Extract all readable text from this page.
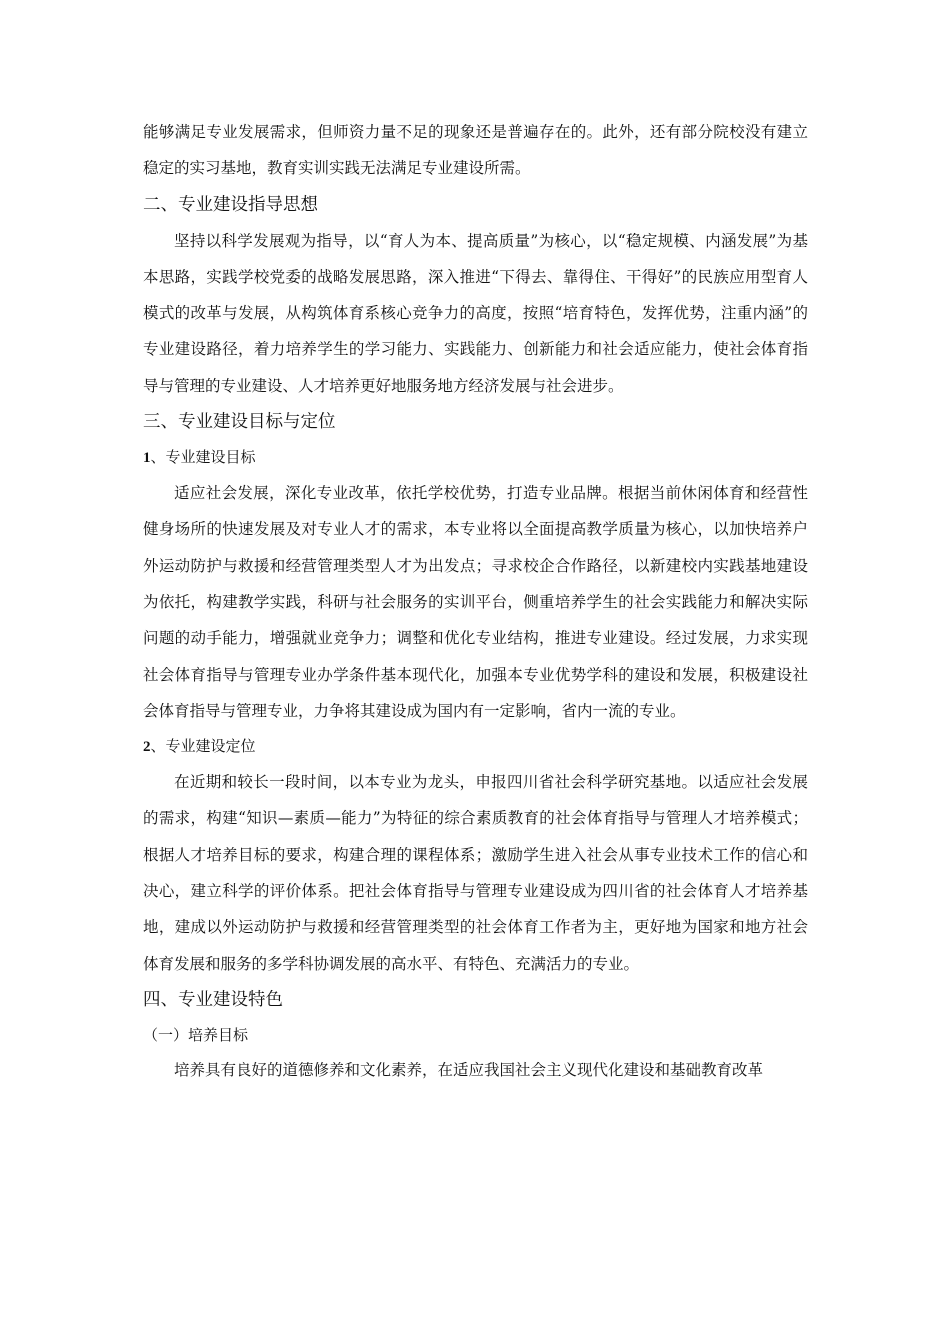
能够满足专业发展需求，但师资力量不足的现象还是普遍存在的。此外，还有部分院校没有建立稳定的实习基地，教育实训实践无法满足专业建设所需。

二、专业建设指导思想

坚持以科学发展观为指导，以“育人为本、提高质量”为核心，以“稳定规模、内涵发展”为基本思路，实践学校党委的战略发展思路，深入推进“下得去、靠得住、干得好”的民族应用型育人模式的改革与发展，从构筑体育系核心竞争力的高度，按照“培育特色，发挥优势，注重内涵”的专业建设路径，着力培养学生的学习能力、实践能力、创新能力和社会适应能力，使社会体育指导与管理的专业建设、人才培养更好地服务地方经济发展与社会进步。

三、专业建设目标与定位
1、专业建设目标

适应社会发展，深化专业改革，依托学校优势，打造专业品牌。根据当前休闲体育和经营性健身场所的快速发展及对专业人才的需求，本专业将以全面提高教学质量为核心，以加快培养户外运动防护与救援和经营管理类型人才为出发点；寻求校企合作路径，以新建校内实践基地建设为依托，构建教学实践，科研与社会服务的实训平台，侧重培养学生的社会实践能力和解决实际问题的动手能力，增强就业竞争力；调整和优化专业结构，推进专业建设。经过发展，力求实现社会体育指导与管理专业办学条件基本现代化，加强本专业优势学科的建设和发展，积极建设社会体育指导与管理专业，力争将其建设成为国内有一定影响，省内一流的专业。

2、专业建设定位

在近期和较长一段时间，以本专业为龙头，申报四川省社会科学研究基地。以适应社会发展的需求，构建“知识—素质—能力”为特征的综合素质教育的社会体育指导与管理人才培养模式；根据人才培养目标的要求，构建合理的课程体系；激励学生进入社会从事专业技术工作的信心和决心，建立科学的评价体系。把社会体育指导与管理专业建设成为四川省的社会体育人才培养基地，建成以外运动防护与救援和经营管理类型的社会体育工作者为主，更好地为国家和地方社会体育发展和服务的多学科协调发展的高水平、有特色、充满活力的专业。

四、专业建设特色
（一）培养目标

培养具有良好的道德修养和文化素养，在适应我国社会主义现代化建设和基础教育改革
